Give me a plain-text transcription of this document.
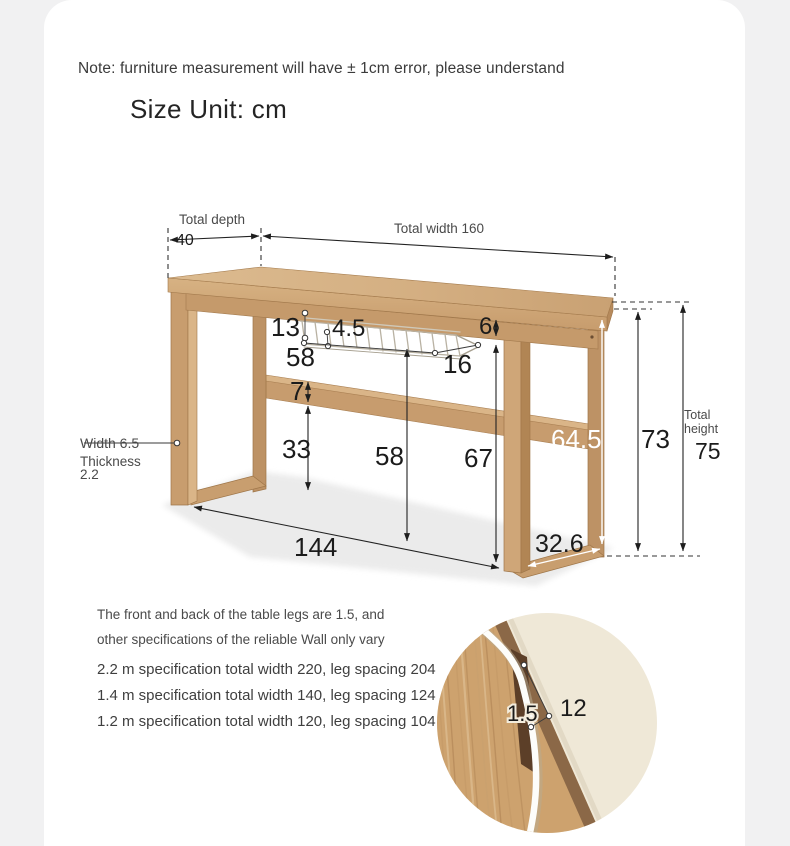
Note: furniture measurement will have ± 1cm error, please understand
Size Unit: cm
Total depth
40
Total width 160
Total
height
75
73
64.5
6
67
58
33
7
13 4.5
58	16
144	32.6
Width 6.5
Thickness
2.2
1.5 12
The front and back of the table legs are 1.5, and
other specifications of the reliable Wall only vary
2.2 m specification total width 220, leg spacing 204
1.4 m specification total width 140, leg spacing 124
1.2 m specification total width 120, leg spacing 104
